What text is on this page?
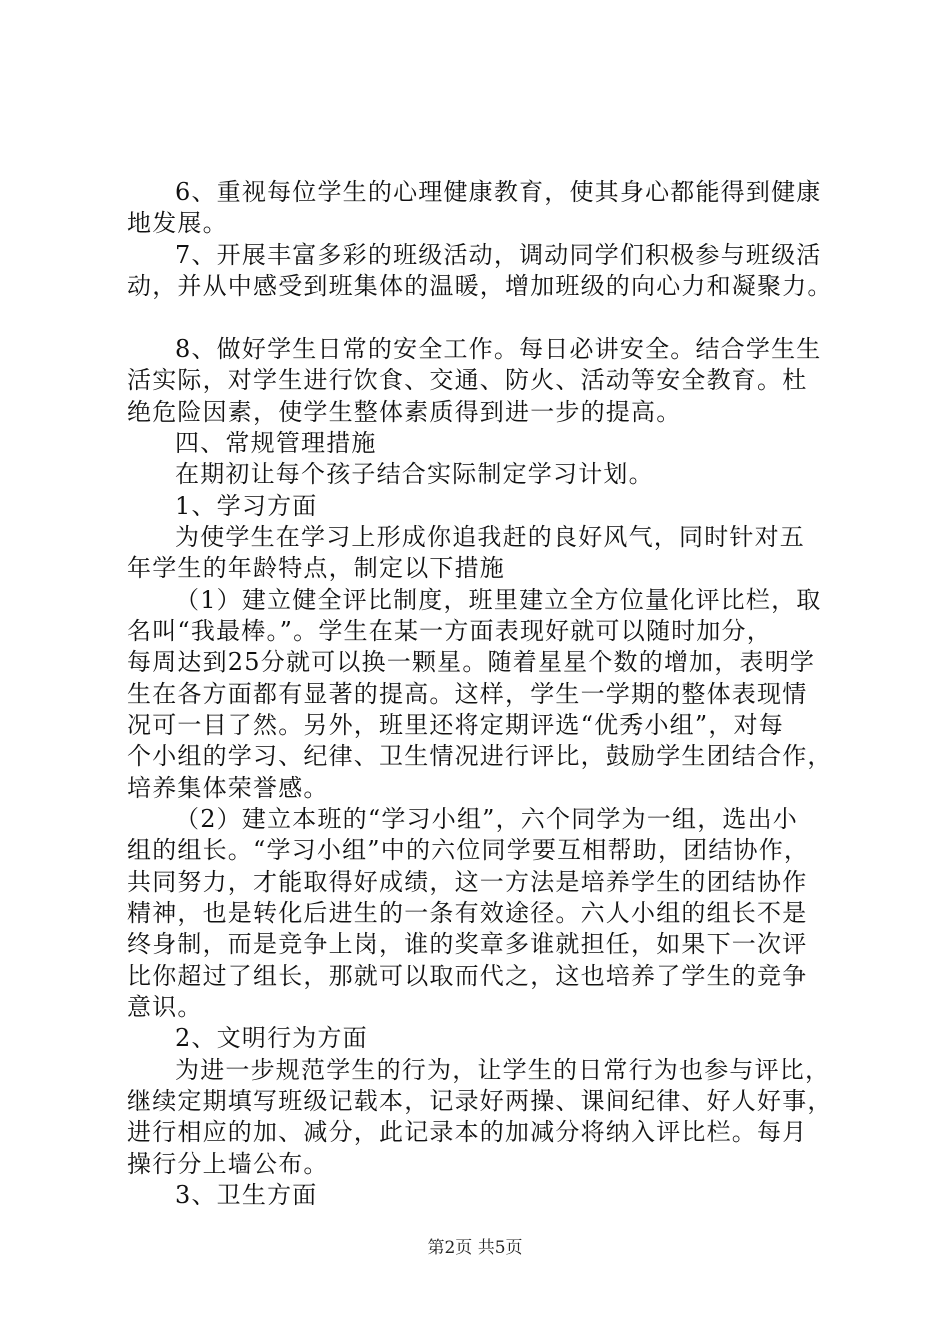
6、重视每位学生的心理健康教育，使其身心都能得到健康
地发展。
7、开展丰富多彩的班级活动，调动同学们积极参与班级活
动，并从中感受到班集体的温暖，增加班级的向心力和凝聚力。
8、做好学生日常的安全工作。每日必讲安全。结合学生生
活实际，对学生进行饮食、交通、防火、活动等安全教育。杜
绝危险因素，使学生整体素质得到进一步的提高。
四、常规管理措施
在期初让每个孩子结合实际制定学习计划。
1、学习方面
为使学生在学习上形成你追我赶的良好风气，同时针对五
年学生的年龄特点，制定以下措施
（1）建立健全评比制度，班里建立全方位量化评比栏，取
名叫“我最棒。”。学生在某一方面表现好就可以随时加分，
每周达到25分就可以换一颗星。随着星星个数的增加，表明学
生在各方面都有显著的提高。这样，学生一学期的整体表现情
况可一目了然。另外，班里还将定期评选“优秀小组”，对每
个小组的学习、纪律、卫生情况进行评比，鼓励学生团结合作，
培养集体荣誉感。
（2）建立本班的“学习小组”，六个同学为一组，选出小
组的组长。“学习小组”中的六位同学要互相帮助，团结协作，
共同努力，才能取得好成绩，这一方法是培养学生的团结协作
精神，也是转化后进生的一条有效途径。六人小组的组长不是
终身制，而是竞争上岗，谁的奖章多谁就担任，如果下一次评
比你超过了组长，那就可以取而代之，这也培养了学生的竞争
意识。
2、文明行为方面
为进一步规范学生的行为，让学生的日常行为也参与评比，
继续定期填写班级记载本，记录好两操、课间纪律、好人好事，
进行相应的加、减分，此记录本的加减分将纳入评比栏。每月
操行分上墙公布。
3、卫生方面
第2页 共5页
